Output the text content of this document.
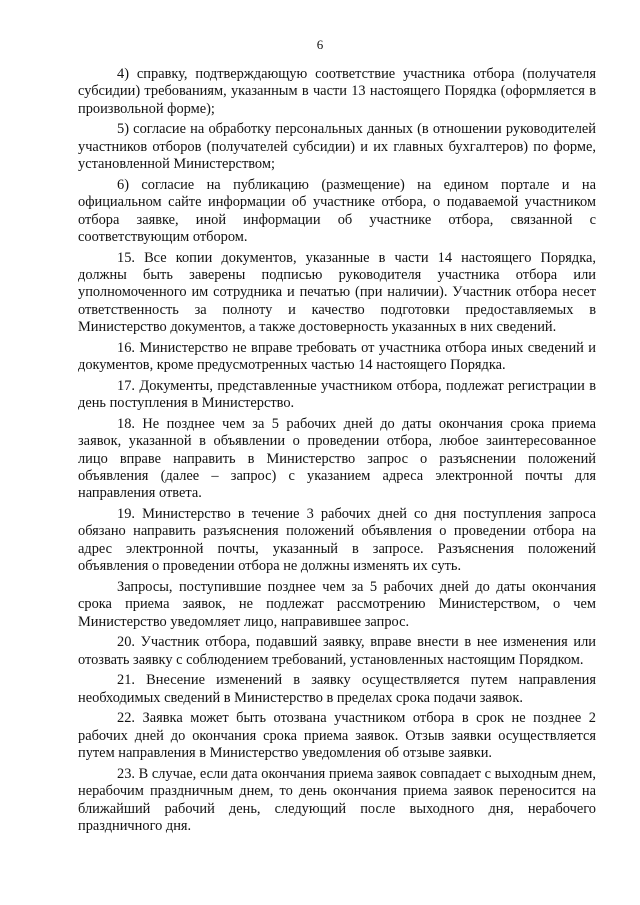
6

4) справку, подтверждающую соответствие участника отбора (получателя субсидии) требованиям, указанным в части 13 настоящего Порядка (оформляется в произвольной форме);

5) согласие на обработку персональных данных (в отношении руководителей участников отборов (получателей субсидии) и их главных бухгалтеров) по форме, установленной Министерством;

6) согласие на публикацию (размещение) на едином портале и на официальном сайте информации об участнике отбора, о подаваемой участником отбора заявке, иной информации об участнике отбора, связанной с соответствующим отбором.

15. Все копии документов, указанные в части 14 настоящего Порядка, должны быть заверены подписью руководителя участника отбора или уполномоченного им сотрудника и печатью (при наличии). Участник отбора несет ответственность за полноту и качество подготовки предоставляемых в Министерство документов, а также достоверность указанных в них сведений.

16. Министерство не вправе требовать от участника отбора иных сведений и документов, кроме предусмотренных частью 14 настоящего Порядка.

17. Документы, представленные участником отбора, подлежат регистрации в день поступления в Министерство.

18. Не позднее чем за 5 рабочих дней до даты окончания срока приема заявок, указанной в объявлении о проведении отбора, любое заинтересованное лицо вправе направить в Министерство запрос о разъяснении положений объявления (далее – запрос) с указанием адреса электронной почты для направления ответа.

19. Министерство в течение 3 рабочих дней со дня поступления запроса обязано направить разъяснения положений объявления о проведении отбора на адрес электронной почты, указанный в запросе. Разъяснения положений объявления о проведении отбора не должны изменять их суть.

Запросы, поступившие позднее чем за 5 рабочих дней до даты окончания срока приема заявок, не подлежат рассмотрению Министерством, о чем Министерство уведомляет лицо, направившее запрос.

20. Участник отбора, подавший заявку, вправе внести в нее изменения или отозвать заявку с соблюдением требований, установленных настоящим Порядком.

21. Внесение изменений в заявку осуществляется путем направления необходимых сведений в Министерство в пределах срока подачи заявок.

22. Заявка может быть отозвана участником отбора в срок не позднее 2 рабочих дней до окончания срока приема заявок. Отзыв заявки осуществляется путем направления в Министерство уведомления об отзыве заявки.

23. В случае, если дата окончания приема заявок совпадает с выходным днем, нерабочим праздничным днем, то день окончания приема заявок переносится на ближайший рабочий день, следующий после выходного дня, нерабочего праздничного дня.
